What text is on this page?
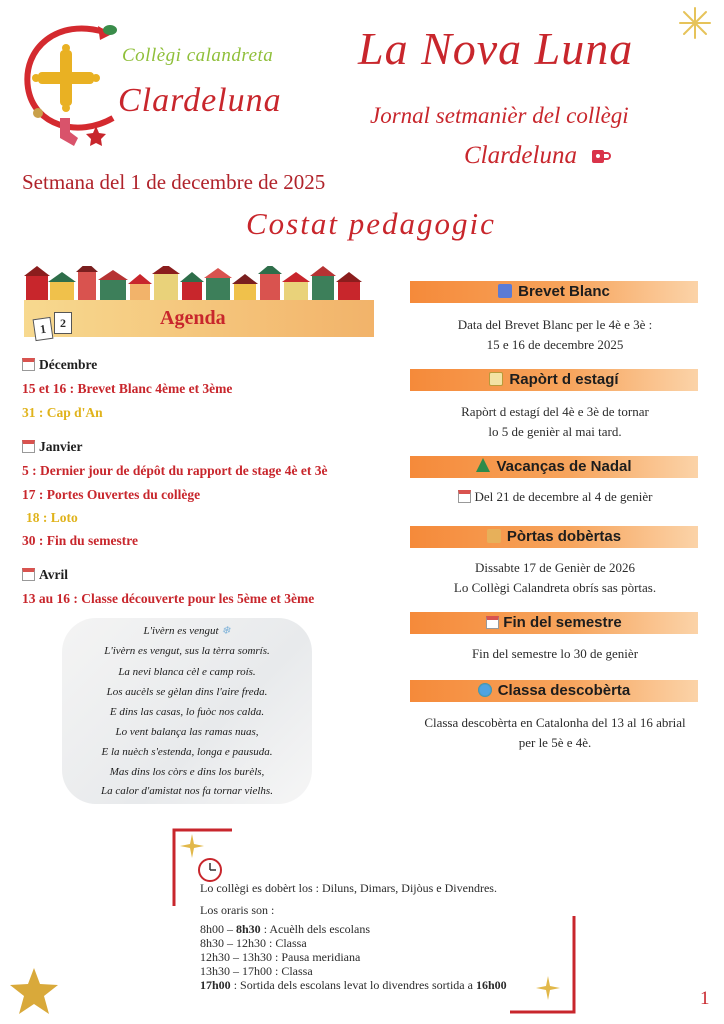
Collègi calandreta
Clardeluna
La Nova Luna
Jornal setmanièr del collègi
Clardeluna
Setmana del 1 de decembre de 2025
Costat pedagogic
1	2	Agenda
Décembre
15 et 16 : Brevet Blanc 4ème et 3ème
31 : Cap d'An
Janvier
5 : Dernier jour de dépôt du rapport de stage 4è et 3è
17 : Portes Ouvertes du collège
18 : Loto
30 : Fin du semestre
Avril
13 au 16 : Classe découverte pour les 5ème et 3ème
L'ivèrn es vengut ❄
L'ivèrn es vengut, sus la tèrra somrís.
La nevi blanca cèl e camp roís.
Los aucèls se gèlan dins l'aire freda.
E dins las casas, lo fuòc nos calda.
Lo vent balança las ramas nuas,
E la nuèch s'estenda, longa e pausuda.
Mas dins los còrs e dins los burèls,
La calor d'amistat nos fa tornar vielhs.
Brevet Blanc
Data del Brevet Blanc per le 4è e 3è :
15 e 16 de decembre 2025
Rapòrt d estagí
Rapòrt d estagí del 4è e 3è de tornar
lo 5 de genièr al mai tard.
Vacanças de Nadal
Del 21 de decembre al 4 de genièr
Pòrtas dobèrtas
Dissabte 17 de Genièr de 2026
Lo Collègi Calandreta obrís sas pòrtas.
Fin del semestre
Fin del semestre lo 30 de genièr
Classa descobèrta
Classa descobèrta en Catalonha del 13 al 16 abrial
per le 5è e 4è.
Lo collègi es dobèrt los : Diluns, Dimars, Dijòus e Divendres.
Los oraris son :
8h00 – 8h30 : Acuèlh dels escolans
8h30 – 12h30 : Classa
12h30 – 13h30 : Pausa meridiana
13h30 – 17h00 : Classa
17h00 : Sortida dels escolans levat lo divendres sortida a 16h00
1
